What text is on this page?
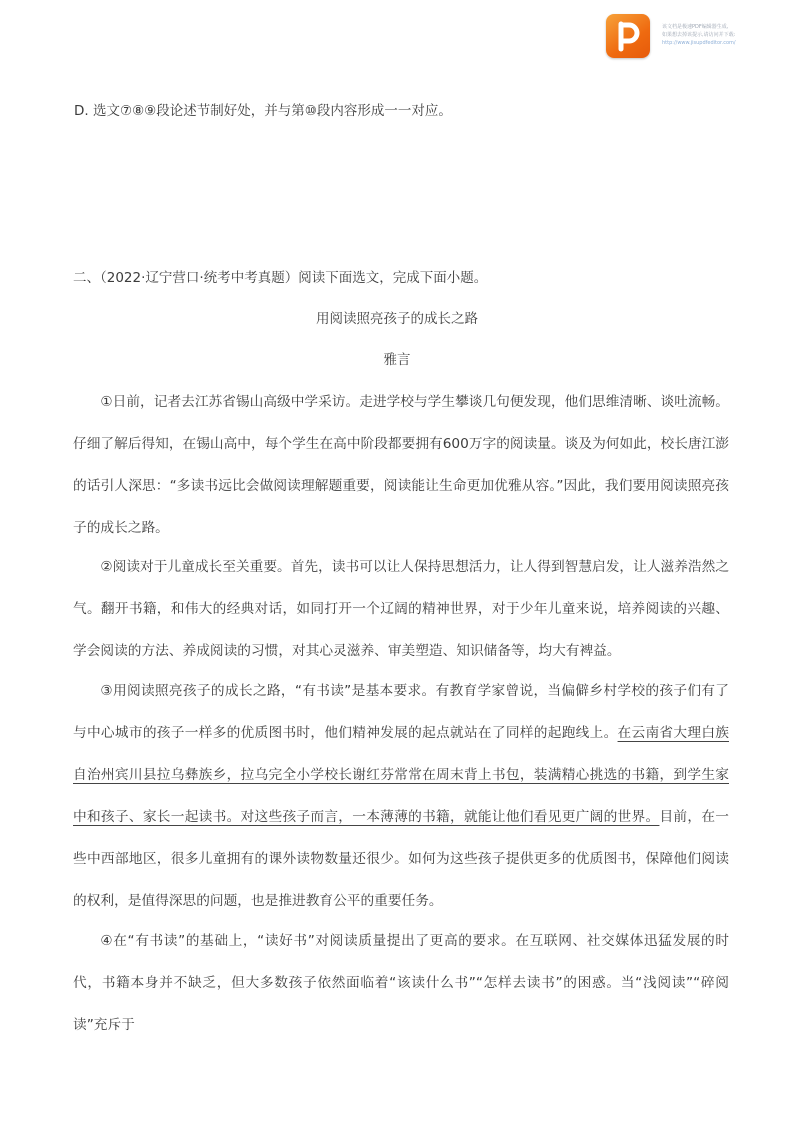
该文档是极速PDF编辑器生成,
如果想去掉该提示,请访问并下载:
http://www.jisupdfeditor.com/
D. 选文⑦⑧⑨段论述节制好处，并与第⑩段内容形成一一对应。
二、（2022·辽宁营口·统考中考真题）阅读下面选文，完成下面小题。
用阅读照亮孩子的成长之路
雅言

①日前，记者去江苏省锡山高级中学采访。走进学校与学生攀谈几句便发现，他们思维清晰、谈吐流畅。仔细了解后得知，在锡山高中，每个学生在高中阶段都要拥有600万字的阅读量。谈及为何如此，校长唐江澎的话引人深思：“多读书远比会做阅读理解题重要，阅读能让生命更加优雅从容。”因此，我们要用阅读照亮孩子的成长之路。

②阅读对于儿童成长至关重要。首先，读书可以让人保持思想活力，让人得到智慧启发，让人滋养浩然之气。翻开书籍，和伟大的经典对话，如同打开一个辽阔的精神世界，对于少年儿童来说，培养阅读的兴趣、学会阅读的方法、养成阅读的习惯，对其心灵滋养、审美塑造、知识储备等，均大有裨益。

③用阅读照亮孩子的成长之路，“有书读”是基本要求。有教育学家曾说，当偏僻乡村学校的孩子们有了与中心城市的孩子一样多的优质图书时，他们精神发展的起点就站在了同样的起跑线上。在云南省大理白族自治州宾川县拉乌彝族乡，拉乌完全小学校长谢红芬常常在周末背上书包，装满精心挑选的书籍，到学生家中和孩子、家长一起读书。对这些孩子而言，一本薄薄的书籍，就能让他们看见更广阔的世界。目前，在一些中西部地区，很多儿童拥有的课外读物数量还很少。如何为这些孩子提供更多的优质图书，保障他们阅读的权利，是值得深思的问题，也是推进教育公平的重要任务。

④在“有书读”的基础上，“读好书”对阅读质量提出了更高的要求。在互联网、社交媒体迅猛发展的时代，书籍本身并不缺乏，但大多数孩子依然面临着“该读什么书”“怎样去读书”的困惑。当“浅阅读”“碎阅读”充斥于
